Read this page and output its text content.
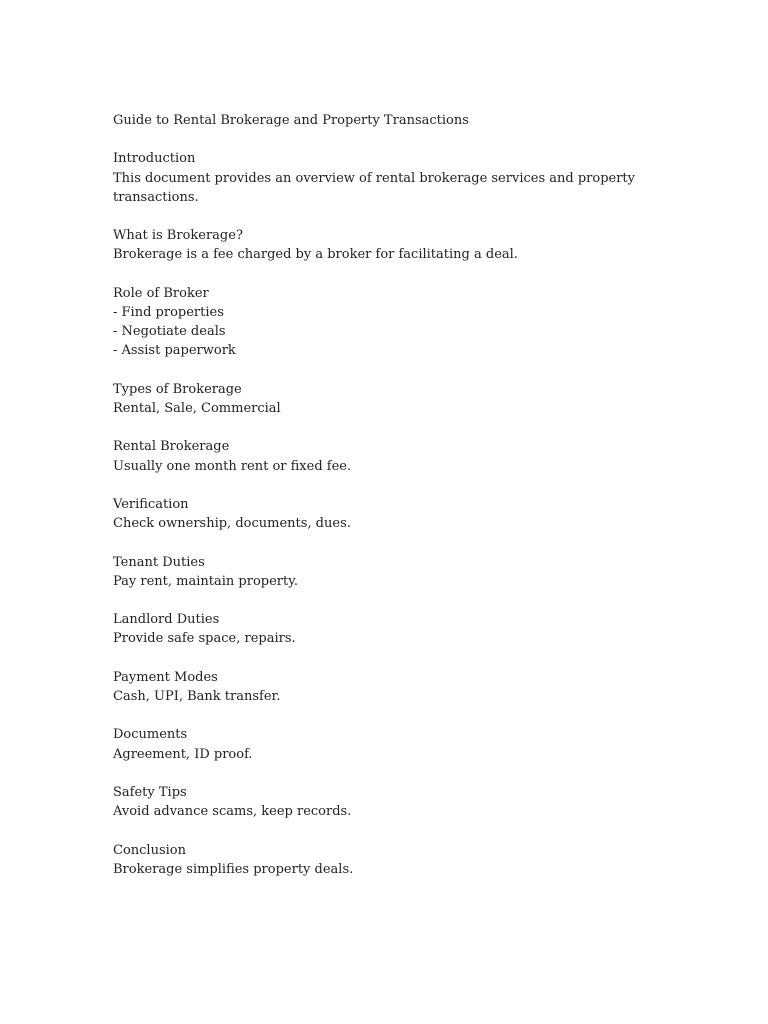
Guide to Rental Brokerage and Property Transactions
Introduction
This document provides an overview of rental brokerage services and property
transactions.
What is Brokerage?
Brokerage is a fee charged by a broker for facilitating a deal.
Role of Broker
- Find properties
- Negotiate deals
- Assist paperwork
Types of Brokerage
Rental, Sale, Commercial
Rental Brokerage
Usually one month rent or fixed fee.
Verification
Check ownership, documents, dues.
Tenant Duties
Pay rent, maintain property.
Landlord Duties
Provide safe space, repairs.
Payment Modes
Cash, UPI, Bank transfer.
Documents
Agreement, ID proof.
Safety Tips
Avoid advance scams, keep records.
Conclusion
Brokerage simplifies property deals.
